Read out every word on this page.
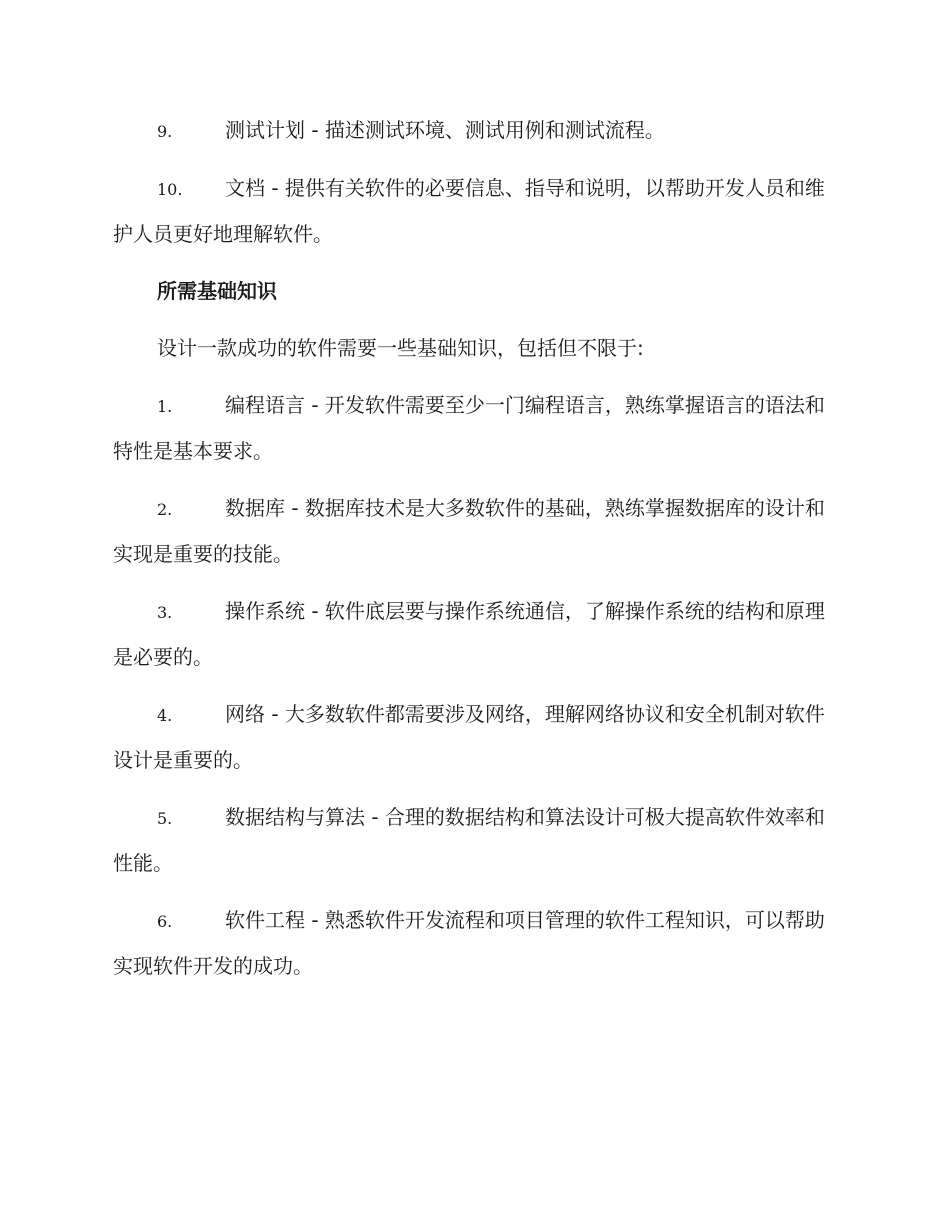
9.	测试计划 - 描述测试环境、测试用例和测试流程。

10. 文档 - 提供有关软件的必要信息、指导和说明，以帮助开发人员和维护人员更好地理解软件。

所需基础知识

设计一款成功的软件需要一些基础知识，包括但不限于:

1.	编程语言 - 开发软件需要至少一门编程语言，熟练掌握语言的语法和特性是基本要求。

2.	数据库 - 数据库技术是大多数软件的基础，熟练掌握数据库的设计和实现是重要的技能。

3.	操作系统 - 软件底层要与操作系统通信，了解操作系统的结构和原理是必要的。

4.	网络 - 大多数软件都需要涉及网络，理解网络协议和安全机制对软件设计是重要的。

5.	数据结构与算法 - 合理的数据结构和算法设计可极大提高软件效率和性能。

6.	软件工程 - 熟悉软件开发流程和项目管理的软件工程知识，可以帮助实现软件开发的成功。
